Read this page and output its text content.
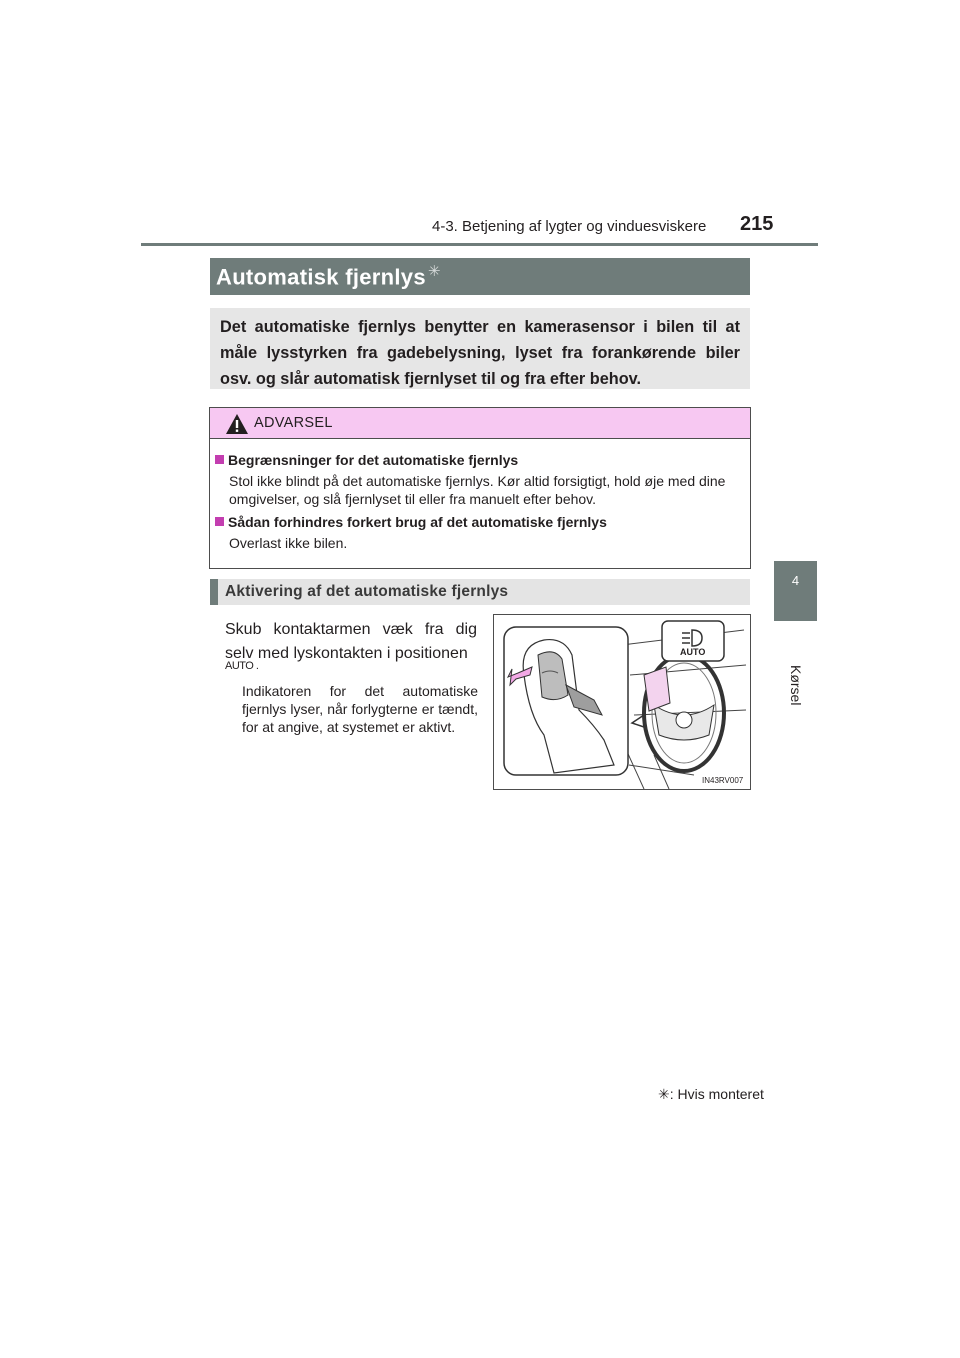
4-3. Betjening af lygter og vinduesviskere 215
4
Kørsel
Automatisk fjernlys ✳
Det automatiske fjernlys benytter en kamerasensor i bilen til at måle lysstyrken fra gadebelysning, lyset fra forankørende biler osv. og slår automatisk fjernlyset til og fra efter behov.
ADVARSEL
Begrænsninger for det automatiske fjernlys
Stol ikke blindt på det automatiske fjernlys. Kør altid forsigtigt, hold øje med dine omgivelser, og slå fjernlyset til eller fra manuelt efter behov.
Sådan forhindres forkert brug af det automatiske fjernlys
Overlast ikke bilen.
Aktivering af det automatiske fjernlys
Skub kontaktarmen væk fra dig selv med lyskontakten i positionen
AUTO .
Indikatoren for det automatiske fjernlys lyser, når forlygterne er tændt, for at angive, at systemet er aktivt.
AUTO
IN43RV007
✳: Hvis monteret
